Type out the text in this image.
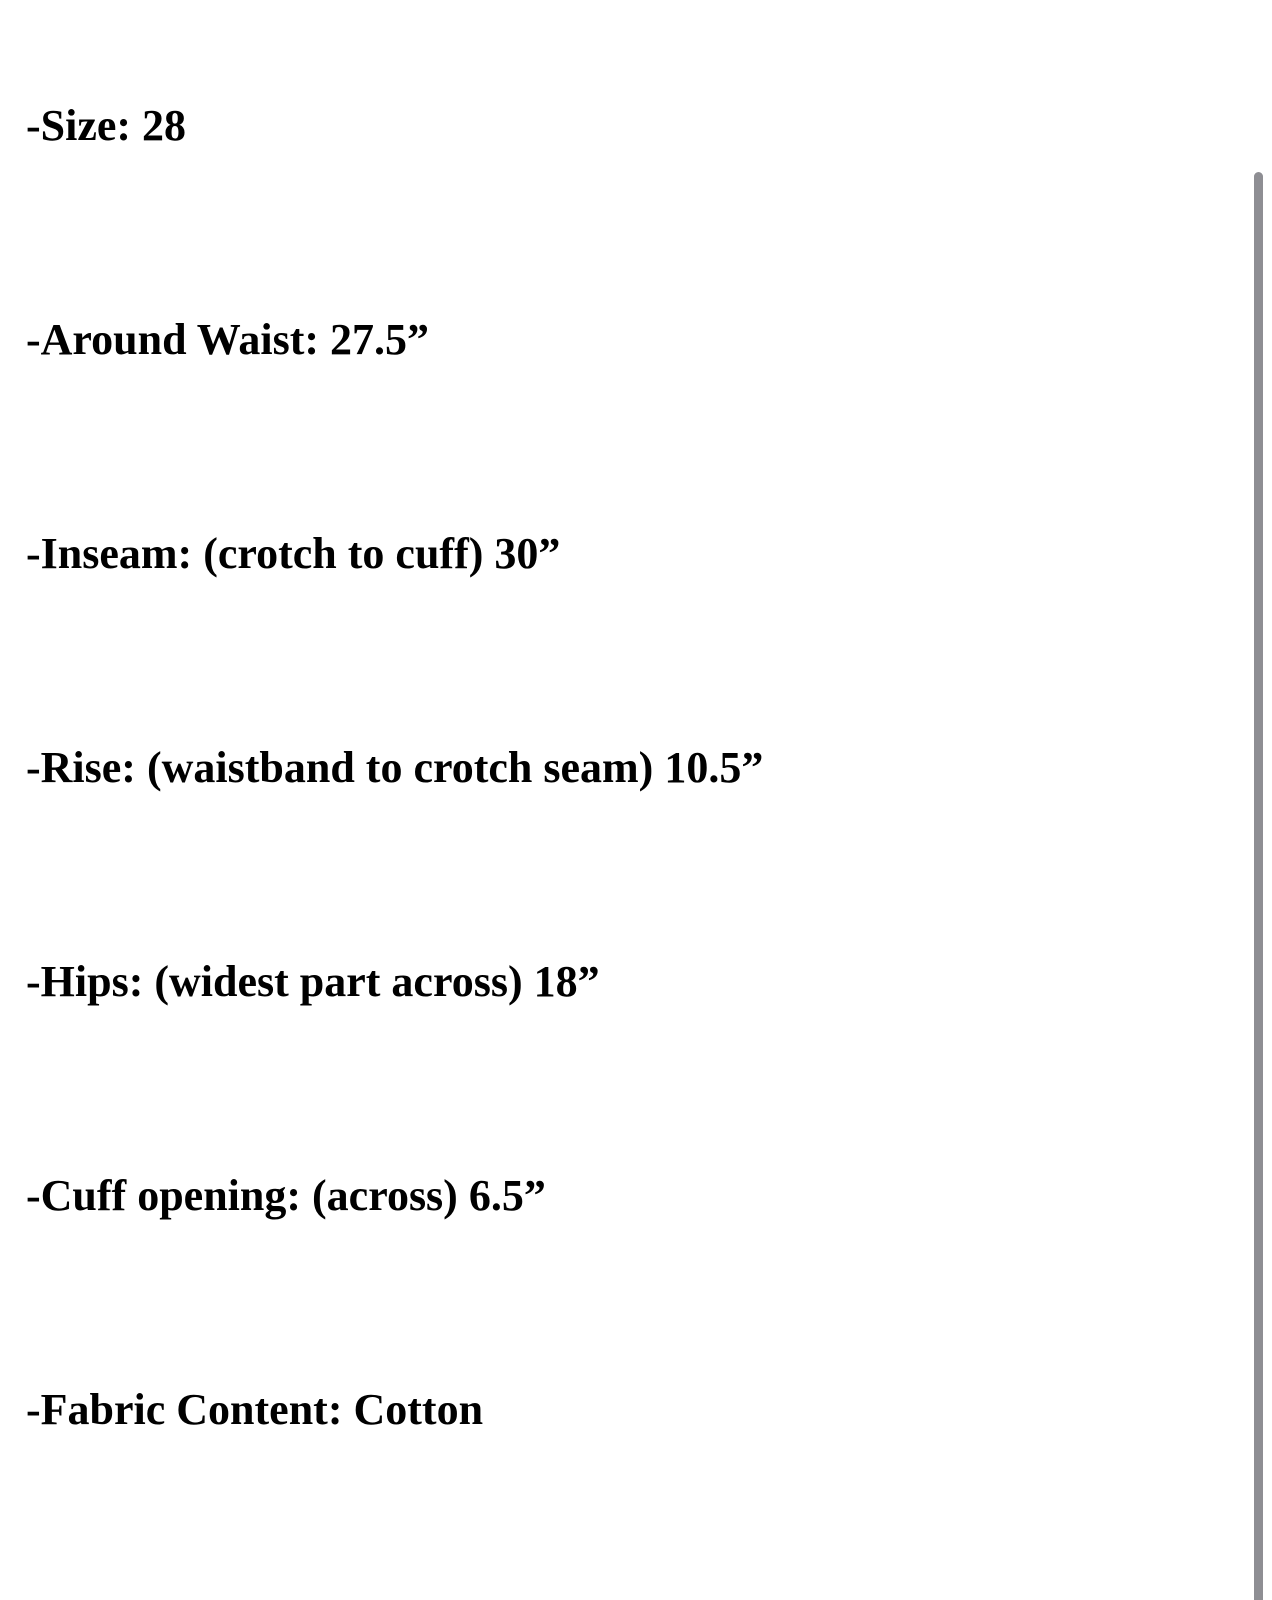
-Size: 28

-Around Waist: 27.5”

-Inseam: (crotch to cuff) 30”

-Rise: (waistband to crotch seam) 10.5”

-Hips: (widest part across) 18”

-Cuff opening: (across) 6.5”

-Fabric Content: Cotton
